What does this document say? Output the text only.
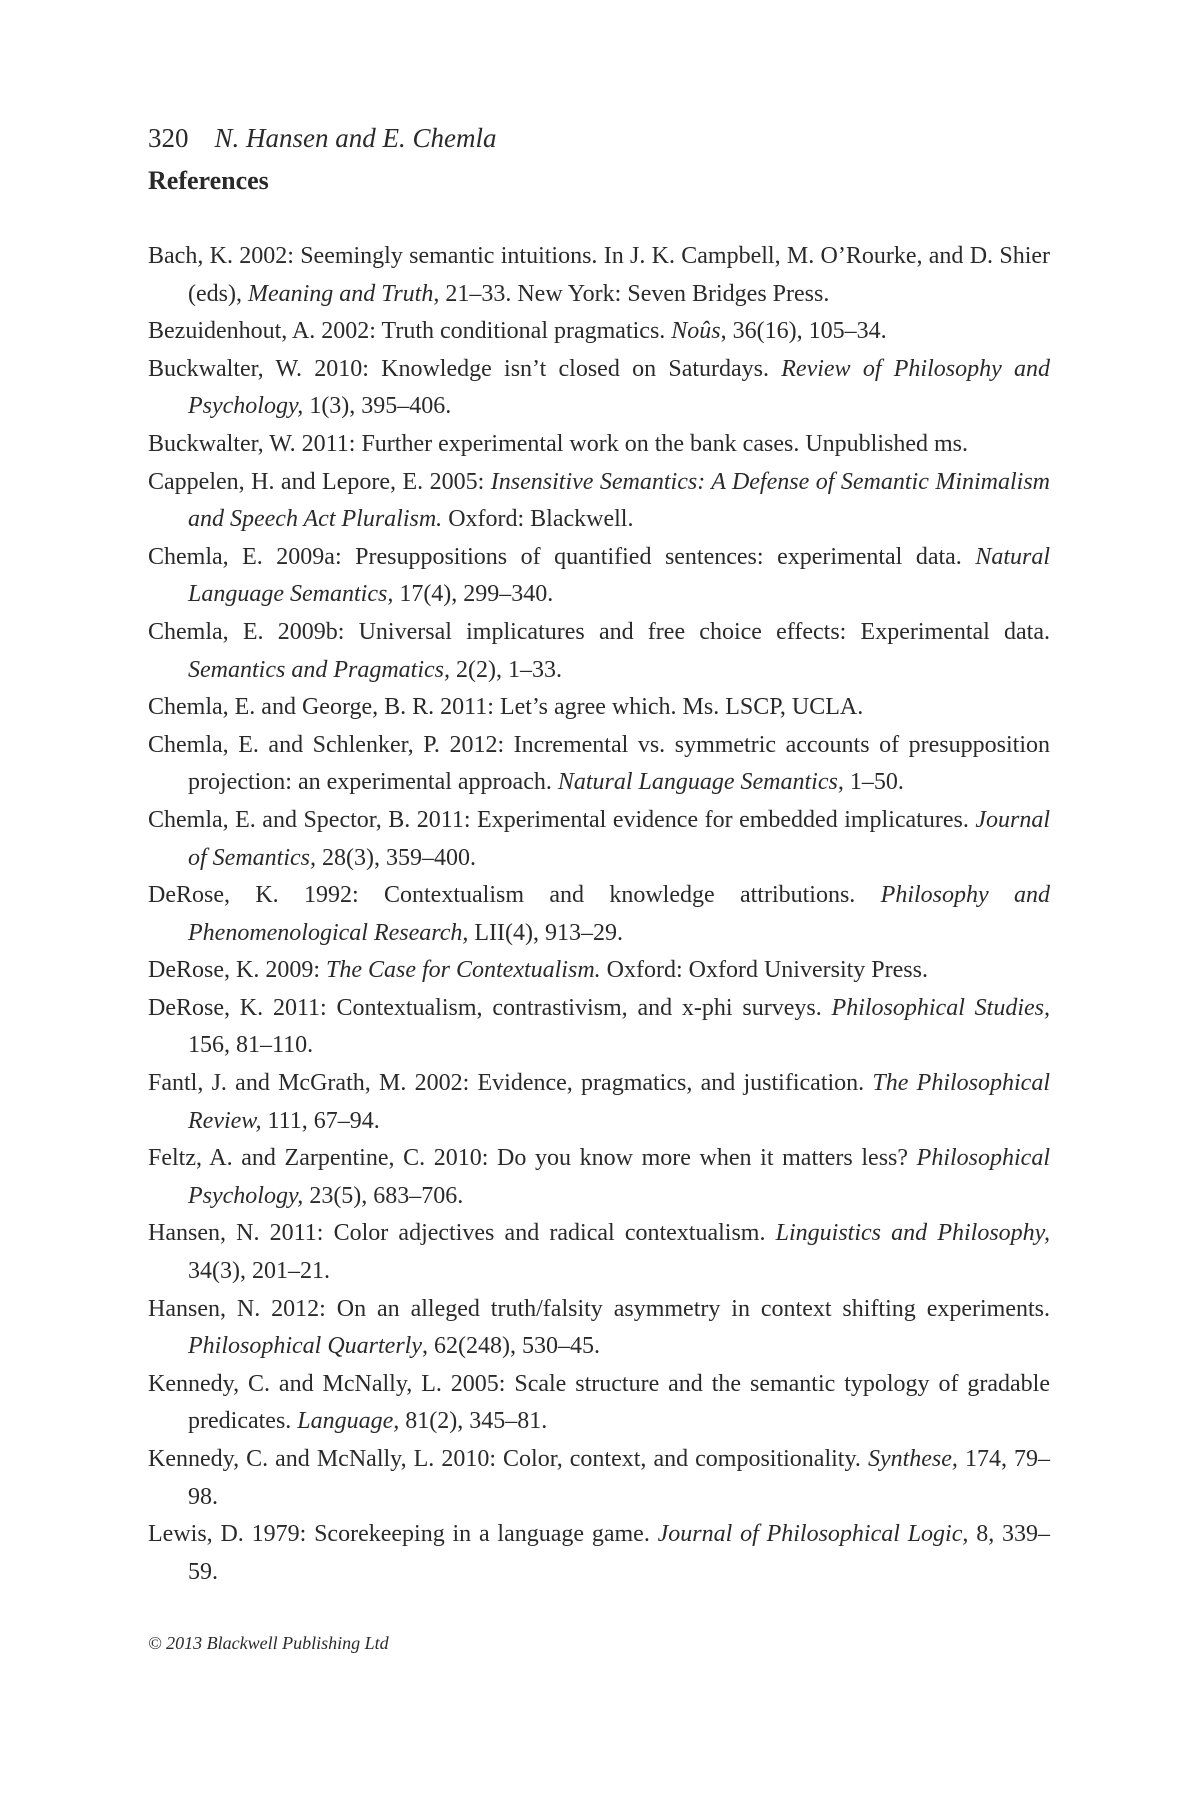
320 N. Hansen and E. Chemla
References

Bach, K. 2002: Seemingly semantic intuitions. In J. K. Campbell, M. O’Rourke, and D. Shier (eds), Meaning and Truth, 21–33. New York: Seven Bridges Press.

Bezuidenhout, A. 2002: Truth conditional pragmatics. Noûs, 36(16), 105–34.

Buckwalter, W. 2010: Knowledge isn’t closed on Saturdays. Review of Philosophy and Psychology, 1(3), 395–406.

Buckwalter, W. 2011: Further experimental work on the bank cases. Unpublished ms.

Cappelen, H. and Lepore, E. 2005: Insensitive Semantics: A Defense of Semantic Minimalism and Speech Act Pluralism. Oxford: Blackwell.

Chemla, E. 2009a: Presuppositions of quantified sentences: experimental data. Natural Language Semantics, 17(4), 299–340.

Chemla, E. 2009b: Universal implicatures and free choice effects: Experimental data. Semantics and Pragmatics, 2(2), 1–33.

Chemla, E. and George, B. R. 2011: Let’s agree which. Ms. LSCP, UCLA.

Chemla, E. and Schlenker, P. 2012: Incremental vs. symmetric accounts of presupposition projection: an experimental approach. Natural Language Semantics, 1–50.

Chemla, E. and Spector, B. 2011: Experimental evidence for embedded implicatures. Journal of Semantics, 28(3), 359–400.

DeRose, K. 1992: Contextualism and knowledge attributions. Philosophy and Phenomenological Research, LII(4), 913–29.

DeRose, K. 2009: The Case for Contextualism. Oxford: Oxford University Press.

DeRose, K. 2011: Contextualism, contrastivism, and x-phi surveys. Philosophical Studies, 156, 81–110.

Fantl, J. and McGrath, M. 2002: Evidence, pragmatics, and justification. The Philosophical Review, 111, 67–94.

Feltz, A. and Zarpentine, C. 2010: Do you know more when it matters less? Philosophical Psychology, 23(5), 683–706.

Hansen, N. 2011: Color adjectives and radical contextualism. Linguistics and Philosophy, 34(3), 201–21.

Hansen, N. 2012: On an alleged truth/falsity asymmetry in context shifting experiments. Philosophical Quarterly, 62(248), 530–45.

Kennedy, C. and McNally, L. 2005: Scale structure and the semantic typology of gradable predicates. Language, 81(2), 345–81.

Kennedy, C. and McNally, L. 2010: Color, context, and compositionality. Synthese, 174, 79–98.

Lewis, D. 1979: Scorekeeping in a language game. Journal of Philosophical Logic, 8, 339–59.

© 2013 Blackwell Publishing Ltd
